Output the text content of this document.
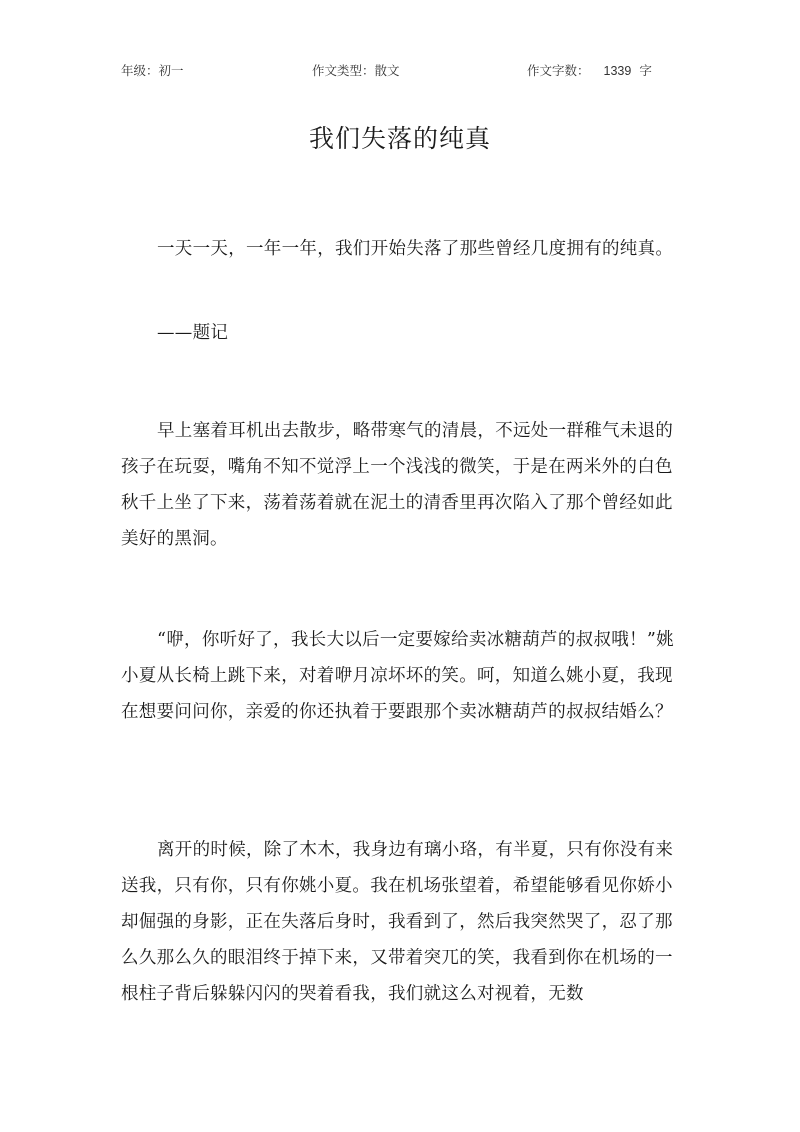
年级：初一	作文类型：散文	作文字数： 1339 字
我们失落的纯真

一天一天，一年一年，我们开始失落了那些曾经几度拥有的纯真。

——题记

早上塞着耳机出去散步，略带寒气的清晨，不远处一群稚气未退的孩子在玩耍，嘴角不知不觉浮上一个浅浅的微笑，于是在两米外的白色秋千上坐了下来，荡着荡着就在泥土的清香里再次陷入了那个曾经如此美好的黑洞。

“咿，你听好了，我长大以后一定要嫁给卖冰糖葫芦的叔叔哦！”姚小夏从长椅上跳下来，对着咿月凉坏坏的笑。呵，知道么姚小夏，我现在想要问问你，亲爱的你还执着于要跟那个卖冰糖葫芦的叔叔结婚么？

离开的时候，除了木木，我身边有璃小珞，有半夏，只有你没有来送我，只有你，只有你姚小夏。我在机场张望着，希望能够看见你娇小却倔强的身影，正在失落后身时，我看到了，然后我突然哭了，忍了那么久那么久的眼泪终于掉下来，又带着突兀的笑，我看到你在机场的一根柱子背后躲躲闪闪的哭着看我，我们就这么对视着，无数
